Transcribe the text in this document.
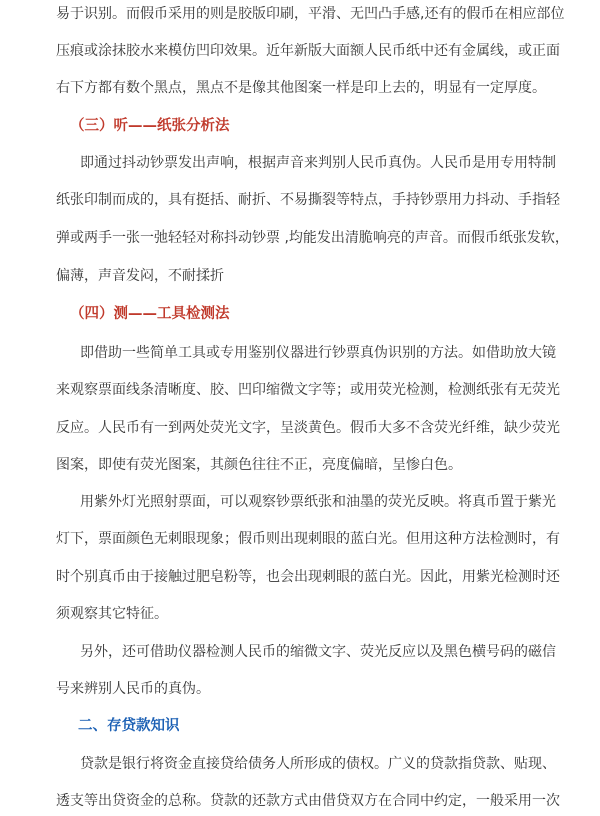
易于识别。而假币采用的则是胶版印刷，平滑、无凹凸手感,还有的假币在相应部位
压痕或涂抹胶水来模仿凹印效果。近年新版大面额人民币纸中还有金属线，或正面
右下方都有数个黑点，黑点不是像其他图案一样是印上去的，明显有一定厚度。
（三）听——纸张分析法
即通过抖动钞票发出声响，根据声音来判别人民币真伪。人民币是用专用特制
纸张印制而成的，具有挺括、耐折、不易撕裂等特点，手持钞票用力抖动、手指轻
弹或两手一张一弛轻轻对称抖动钞票 ,均能发出清脆响亮的声音。而假币纸张发软，
偏薄，声音发闷，不耐揉折
（四）测——工具检测法
即借助一些简单工具或专用鉴别仪器进行钞票真伪识别的方法。如借助放大镜
来观察票面线条清晰度、胶、凹印缩微文字等；或用荧光检测，检测纸张有无荧光
反应。人民币有一到两处荧光文字，呈淡黄色。假币大多不含荧光纤维，缺少荧光
图案，即使有荧光图案，其颜色往往不正，亮度偏暗，呈惨白色。
用紫外灯光照射票面，可以观察钞票纸张和油墨的荧光反映。将真币置于紫光
灯下，票面颜色无刺眼现象；假币则出现刺眼的蓝白光。但用这种方法检测时，有
时个别真币由于接触过肥皂粉等，也会出现刺眼的蓝白光。因此，用紫光检测时还
须观察其它特征。
另外，还可借助仪器检测人民币的缩微文字、荧光反应以及黑色横号码的磁信
号来辨别人民币的真伪。
二、存贷款知识
贷款是银行将资金直接贷给债务人所形成的债权。广义的贷款指贷款、贴现、
透支等出贷资金的总称。贷款的还款方式由借贷双方在合同中约定，一般采用一次
